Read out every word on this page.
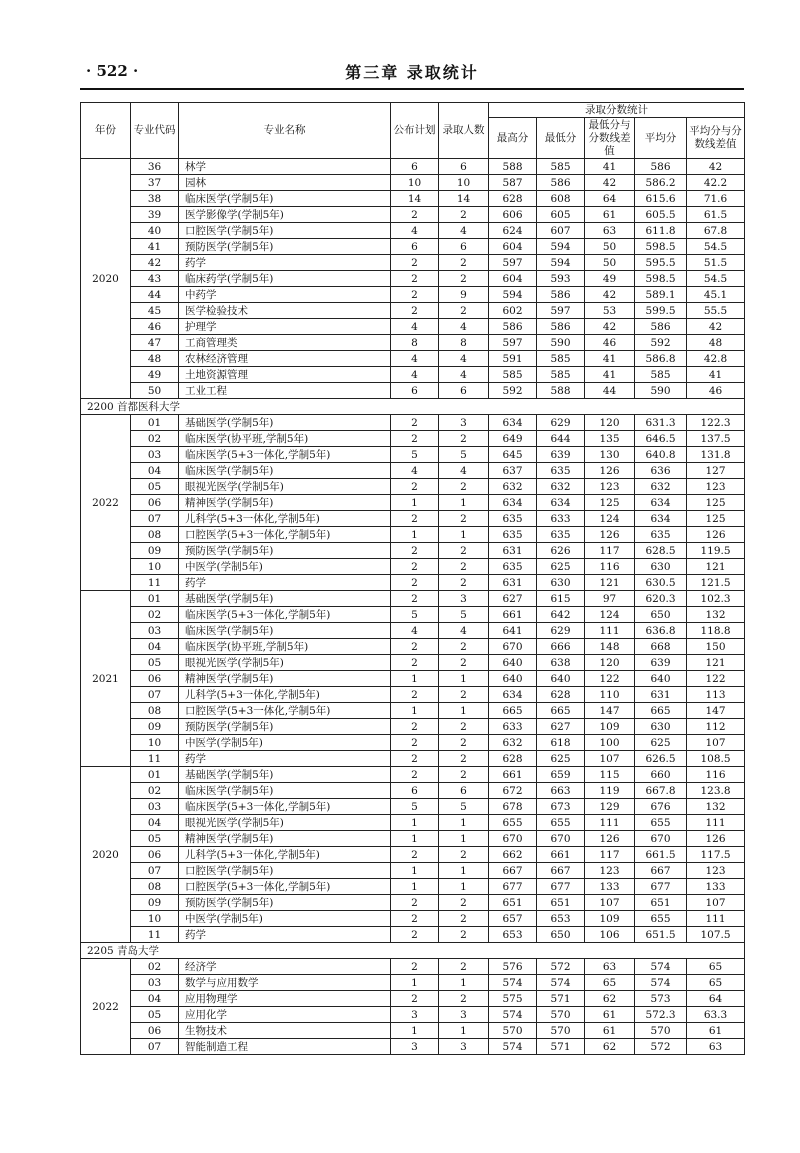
· 522 ·	第三章 录取统计
年份	专业代码	专业名称	公布计划	录取人数	录取分数统计				
					最高分	最低分	最低分与分数线差值	平均分	平均分与分数线差值
2020	36	林学	6	6	588	585	41	586	42
	37	园林	10	10	587	586	42	586.2	42.2
	38	临床医学(学制5年)	14	14	628	608	64	615.6	71.6
	39	医学影像学(学制5年)	2	2	606	605	61	605.5	61.5
	40	口腔医学(学制5年)	4	4	624	607	63	611.8	67.8
	41	预防医学(学制5年)	6	6	604	594	50	598.5	54.5
	42	药学	2	2	597	594	50	595.5	51.5
	43	临床药学(学制5年)	2	2	604	593	49	598.5	54.5
	44	中药学	2	9	594	586	42	589.1	45.1
	45	医学检验技术	2	2	602	597	53	599.5	55.5
	46	护理学	4	4	586	586	42	586	42
	47	工商管理类	8	8	597	590	46	592	48
	48	农林经济管理	4	4	591	585	41	586.8	42.8
	49	土地资源管理	4	4	585	585	41	585	41
	50	工业工程	6	6	592	588	44	590	46
2200 首都医科大学									
2022	01	基础医学(学制5年)	2	3	634	629	120	631.3	122.3
	02	临床医学(协平班,学制5年)	2	2	649	644	135	646.5	137.5
	03	临床医学(5+3一体化,学制5年)	5	5	645	639	130	640.8	131.8
	04	临床医学(学制5年)	4	4	637	635	126	636	127
	05	眼视光医学(学制5年)	2	2	632	632	123	632	123
	06	精神医学(学制5年)	1	1	634	634	125	634	125
	07	儿科学(5+3一体化,学制5年)	2	2	635	633	124	634	125
	08	口腔医学(5+3一体化,学制5年)	1	1	635	635	126	635	126
	09	预防医学(学制5年)	2	2	631	626	117	628.5	119.5
	10	中医学(学制5年)	2	2	635	625	116	630	121
	11	药学	2	2	631	630	121	630.5	121.5
2021	01	基础医学(学制5年)	2	3	627	615	97	620.3	102.3
	02	临床医学(5+3一体化,学制5年)	5	5	661	642	124	650	132
	03	临床医学(学制5年)	4	4	641	629	111	636.8	118.8
	04	临床医学(协平班,学制5年)	2	2	670	666	148	668	150
	05	眼视光医学(学制5年)	2	2	640	638	120	639	121
	06	精神医学(学制5年)	1	1	640	640	122	640	122
	07	儿科学(5+3一体化,学制5年)	2	2	634	628	110	631	113
	08	口腔医学(5+3一体化,学制5年)	1	1	665	665	147	665	147
	09	预防医学(学制5年)	2	2	633	627	109	630	112
	10	中医学(学制5年)	2	2	632	618	100	625	107
	11	药学	2	2	628	625	107	626.5	108.5
2020	01	基础医学(学制5年)	2	2	661	659	115	660	116
	02	临床医学(学制5年)	6	6	672	663	119	667.8	123.8
	03	临床医学(5+3一体化,学制5年)	5	5	678	673	129	676	132
	04	眼视光医学(学制5年)	1	1	655	655	111	655	111
	05	精神医学(学制5年)	1	1	670	670	126	670	126
	06	儿科学(5+3一体化,学制5年)	2	2	662	661	117	661.5	117.5
	07	口腔医学(学制5年)	1	1	667	667	123	667	123
	08	口腔医学(5+3一体化,学制5年)	1	1	677	677	133	677	133
	09	预防医学(学制5年)	2	2	651	651	107	651	107
	10	中医学(学制5年)	2	2	657	653	109	655	111
	11	药学	2	2	653	650	106	651.5	107.5
2205 青岛大学									
2022	02	经济学	2	2	576	572	63	574	65
	03	数学与应用数学	1	1	574	574	65	574	65
	04	应用物理学	2	2	575	571	62	573	64
	05	应用化学	3	3	574	570	61	572.3	63.3
	06	生物技术	1	1	570	570	61	570	61
	07	智能制造工程	3	3	574	571	62	572	63
